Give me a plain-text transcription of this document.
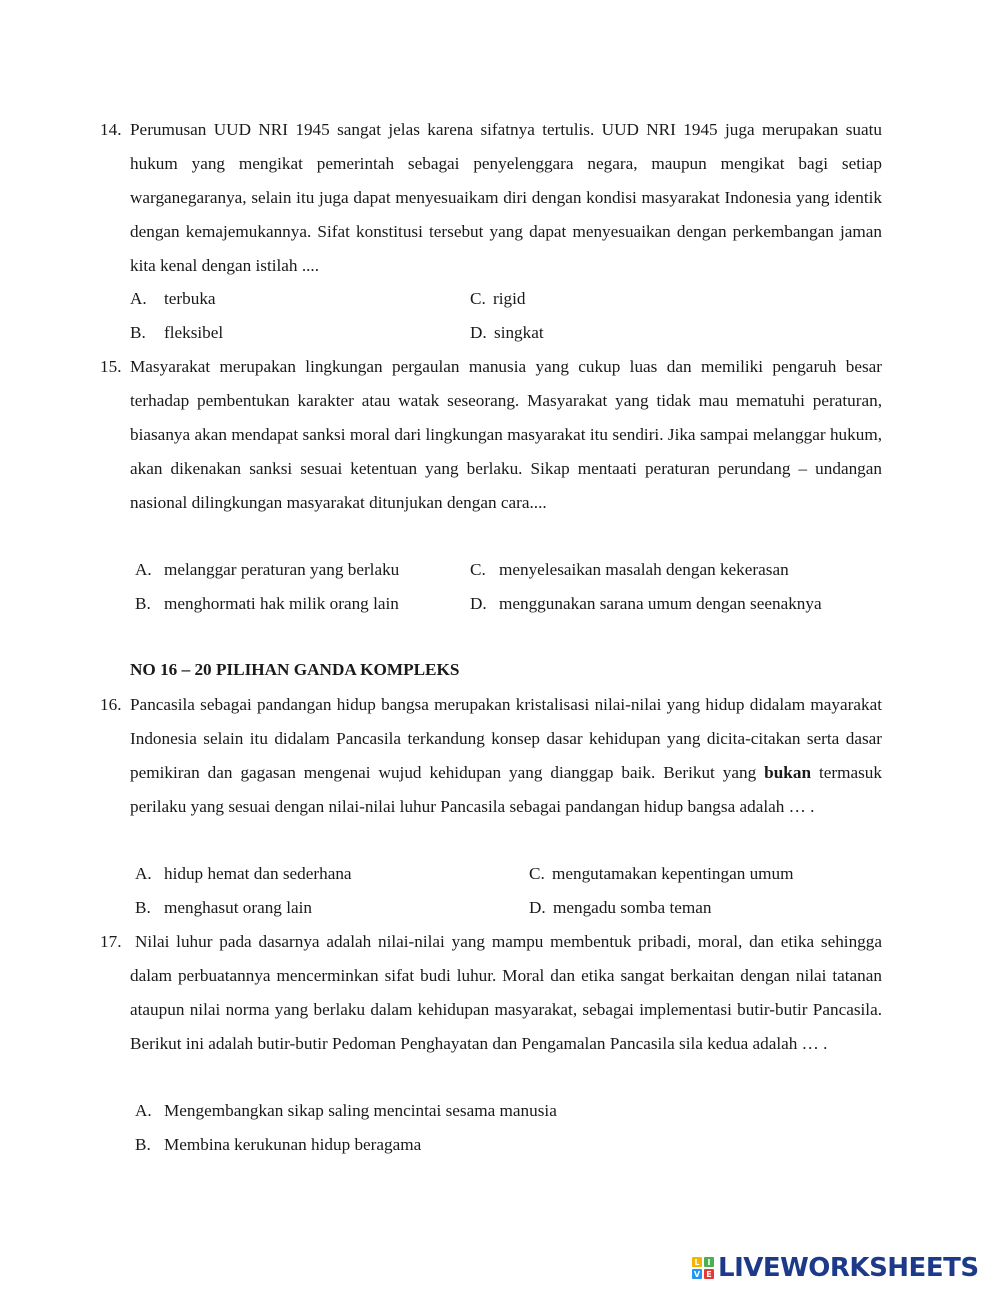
14. Perumusan UUD NRI 1945 sangat jelas karena sifatnya tertulis. UUD NRI 1945 juga merupakan suatu hukum yang mengikat pemerintah sebagai penyelenggara negara, maupun mengikat bagi setiap warganegaranya, selain itu juga dapat menyesuaikam diri dengan kondisi masyarakat Indonesia yang identik dengan kemajemukannya. Sifat konstitusi tersebut yang dapat menyesuaikan dengan perkembangan jaman kita kenal dengan istilah ....
A. terbuka
B. fleksibel
C. rigid
D. singkat
15. Masyarakat merupakan lingkungan pergaulan manusia yang cukup luas dan memiliki pengaruh besar terhadap pembentukan karakter atau watak seseorang. Masyarakat yang tidak mau mematuhi peraturan, biasanya akan mendapat sanksi moral dari lingkungan masyarakat itu sendiri. Jika sampai melanggar hukum, akan dikenakan sanksi sesuai ketentuan yang berlaku. Sikap mentaati peraturan perundang – undangan nasional dilingkungan masyarakat ditunjukan dengan cara....
A. melanggar peraturan yang berlaku
B. menghormati hak milik orang lain
C. menyelesaikan masalah dengan kekerasan
D. menggunakan sarana umum dengan seenaknya
NO 16 – 20 PILIHAN GANDA KOMPLEKS
16. Pancasila sebagai pandangan hidup bangsa merupakan kristalisasi nilai-nilai yang hidup didalam mayarakat Indonesia selain itu didalam Pancasila terkandung konsep dasar kehidupan yang dicita-citakan serta dasar pemikiran dan gagasan mengenai wujud kehidupan yang dianggap baik. Berikut yang bukan termasuk perilaku yang sesuai dengan nilai-nilai luhur Pancasila sebagai pandangan hidup bangsa adalah … .
A. hidup hemat dan sederhana
B. menghasut orang lain
C. mengutamakan kepentingan umum
D. mengadu somba teman
17. Nilai luhur pada dasarnya adalah nilai-nilai yang mampu membentuk pribadi, moral, dan etika sehingga dalam perbuatannya mencerminkan sifat budi luhur. Moral dan etika sangat berkaitan dengan nilai tatanan ataupun nilai norma yang berlaku dalam kehidupan masyarakat, sebagai implementasi butir-butir Pancasila. Berikut ini adalah butir-butir Pedoman Penghayatan dan Pengamalan Pancasila sila kedua adalah … .
A. Mengembangkan sikap saling mencintai sesama manusia
B. Membina kerukunan hidup beragama
L I
V E LIVEWORKSHEETS
